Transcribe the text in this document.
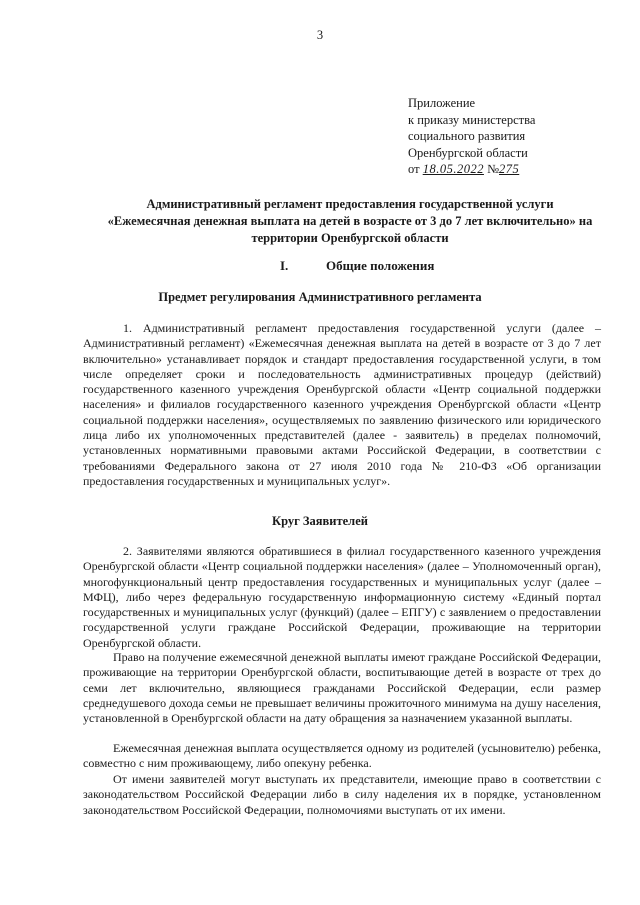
3
Приложение
к приказу министерства
социального развития
Оренбургской области
от 18.05.2022 №275
Административный регламент предоставления государственной услуги
«Ежемесячная денежная выплата на детей в возрасте от 3 до 7 лет включительно» на
территории Оренбургской области
I.	Общие положения
Предмет регулирования Административного регламента
1. Административный регламент предоставления государственной услуги (далее – Административный регламент) «Ежемесячная денежная выплата на детей в возрасте от 3 до 7 лет включительно» устанавливает порядок и стандарт предоставления государственной услуги, в том числе определяет сроки и последовательность административных процедур (действий) государственного казенного учреждения Оренбургской области «Центр социальной поддержки населения» и филиалов государственного казенного учреждения Оренбургской области «Центр социальной поддержки населения», осуществляемых по заявлению физического или юридического лица либо их уполномоченных представителей (далее - заявитель) в пределах полномочий, установленных нормативными правовыми актами Российской Федерации, в соответствии с требованиями Федерального закона от 27 июля 2010 года № 210-ФЗ «Об организации предоставления государственных и муниципальных услуг».
Круг Заявителей
2. Заявителями являются обратившиеся в филиал государственного казенного учреждения Оренбургской области «Центр социальной поддержки населения» (далее – Уполномоченный орган), многофункциональный центр предоставления государственных и муниципальных услуг (далее – МФЦ), либо через федеральную государственную информационную систему «Единый портал государственных и муниципальных услуг (функций) (далее – ЕПГУ) с заявлением о предоставлении государственной услуги граждане Российской Федерации, проживающие на территории Оренбургской области.
Право на получение ежемесячной денежной выплаты имеют граждане Российской Федерации, проживающие на территории Оренбургской области, воспитывающие детей в возрасте от трех до семи лет включительно, являющиеся гражданами Российской Федерации, если размер среднедушевого дохода семьи не превышает величины прожиточного минимума на душу населения, установленной в Оренбургской области на дату обращения за назначением указанной выплаты.
Ежемесячная денежная выплата осуществляется одному из родителей (усыновителю) ребенка, совместно с ним проживающему, либо опекуну ребенка.
От имени заявителей могут выступать их представители, имеющие право в соответствии с законодательством Российской Федерации либо в силу наделения их в порядке, установленном законодательством Российской Федерации, полномочиями выступать от их имени.
